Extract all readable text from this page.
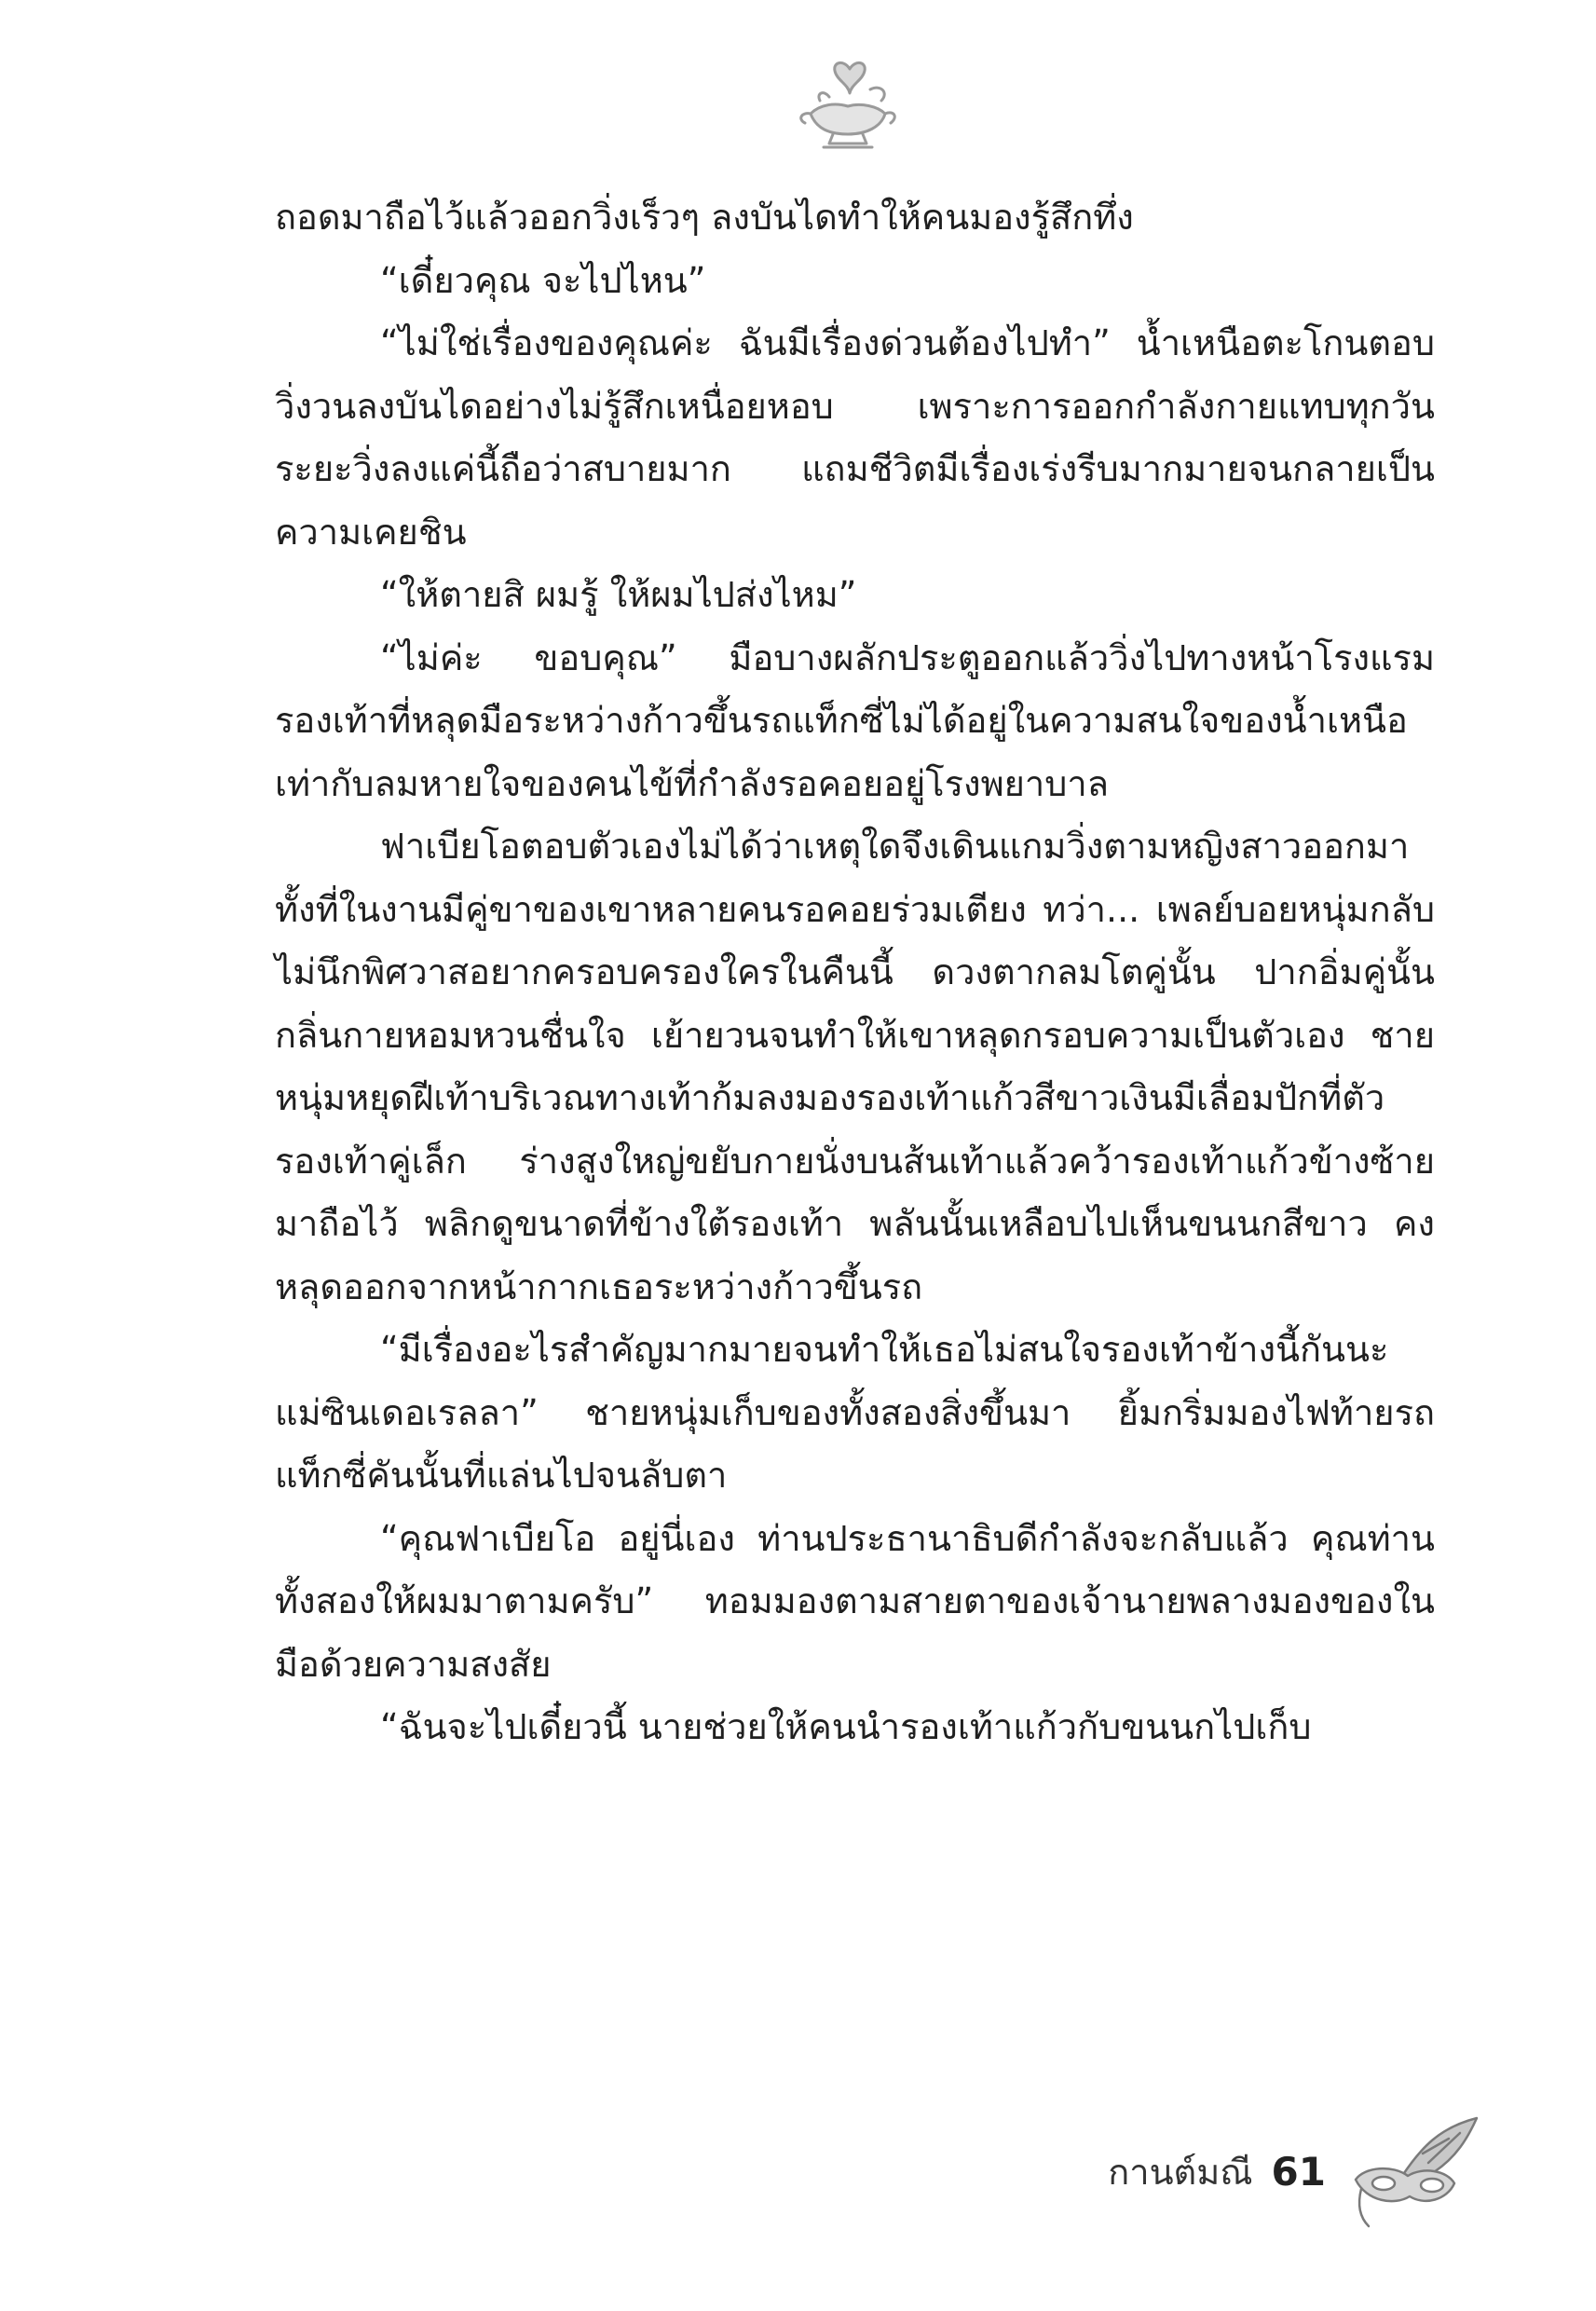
ถอดมาถือไว้แล้วออกวิ่งเร็วๆ ลงบันไดทำให้คนมองรู้สึกทึ่ง

“เดี๋ยวคุณ จะไปไหน”

“ไม่ใช่เรื่องของคุณค่ะ ฉันมีเรื่องด่วนต้องไปทำ” น้ำเหนือตะโกนตอบ วิ่งวนลงบันไดอย่างไม่รู้สึกเหนื่อยหอบ เพราะการออกกำลังกายแทบทุกวัน ระยะวิ่งลงแค่นี้ถือว่าสบายมาก แถมชีวิตมีเรื่องเร่งรีบมากมายจนกลายเป็นความเคยชิน

“ให้ตายสิ ผมรู้ ให้ผมไปส่งไหม”

“ไม่ค่ะ ขอบคุณ” มือบางผลักประตูออกแล้ววิ่งไปทางหน้าโรงแรม รองเท้าที่หลุดมือระหว่างก้าวขึ้นรถแท็กซี่ไม่ได้อยู่ในความสนใจของน้ำเหนือเท่ากับลมหายใจของคนไข้ที่กำลังรอคอยอยู่โรงพยาบาล

ฟาเบียโอตอบตัวเองไม่ได้ว่าเหตุใดจึงเดินแกมวิ่งตามหญิงสาวออกมา ทั้งที่ในงานมีคู่ขาของเขาหลายคนรอคอยร่วมเตียง ทว่า... เพลย์บอยหนุ่มกลับไม่นึกพิศวาสอยากครอบครองใครในคืนนี้ ดวงตากลมโตคู่นั้น ปากอิ่มคู่นั้น กลิ่นกายหอมหวนชื่นใจ เย้ายวนจนทำให้เขาหลุดกรอบความเป็นตัวเอง ชายหนุ่มหยุดฝีเท้าบริเวณทางเท้าก้มลงมองรองเท้าแก้วสีขาวเงินมีเลื่อมปักที่ตัวรองเท้าคู่เล็ก ร่างสูงใหญ่ขยับกายนั่งบนส้นเท้าแล้วคว้ารองเท้าแก้วข้างซ้ายมาถือไว้ พลิกดูขนาดที่ข้างใต้รองเท้า พลันนั้นเหลือบไปเห็นขนนกสีขาว คงหลุดออกจากหน้ากากเธอระหว่างก้าวขึ้นรถ

“มีเรื่องอะไรสำคัญมากมายจนทำให้เธอไม่สนใจรองเท้าข้างนี้กันนะ แม่ซินเดอเรลลา” ชายหนุ่มเก็บของทั้งสองสิ่งขึ้นมา ยิ้มกริ่มมองไฟท้ายรถแท็กซี่คันนั้นที่แล่นไปจนลับตา

“คุณฟาเบียโอ อยู่นี่เอง ท่านประธานาธิบดีกำลังจะกลับแล้ว คุณท่านทั้งสองให้ผมมาตามครับ” ทอมมองตามสายตาของเจ้านายพลางมองของในมือด้วยความสงสัย

“ฉันจะไปเดี๋ยวนี้ นายช่วยให้คนนำรองเท้าแก้วกับขนนกไปเก็บ

กานต์มณี 61
